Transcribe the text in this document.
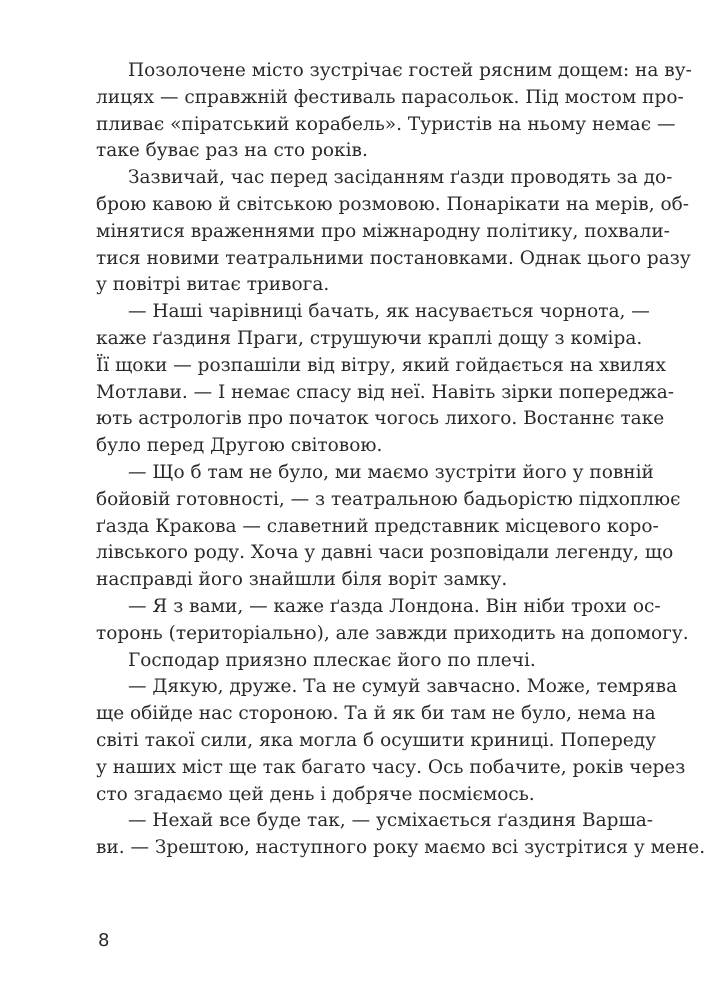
Позолочене місто зустрічає гостей рясним дощем: на ву-
лицях — справжній фестиваль парасольок. Під мостом про-
пливає «піратський корабель». Туристів на ньому немає —
таке буває раз на сто років.
Зазвичай, час перед засіданням ґазди проводять за до-
брою кавою й світською розмовою. Понарікати на мерів, об-
мінятися враженнями про міжнародну політику, похвали-
тися новими театральними постановками. Однак цього разу
у повітрі витає тривога.
— Наші чарівниці бачать, як насувається чорнота, —
каже ґаздиня Праги, струшуючи краплі дощу з коміра.
Її щоки — розпашіли від вітру, який гойдається на хвилях
Мотлави. — І немає спасу від неї. Навіть зірки попереджа-
ють астрологів про початок чогось лихого. Востаннє таке
було перед Другою світовою.
— Що б там не було, ми маємо зустріти його у повній
бойовій готовності, — з театральною бадьорістю підхоплює
ґазда Кракова — славетний представник місцевого коро-
лівського роду. Хоча у давні часи розповідали легенду, що
насправді його знайшли біля воріт замку.
— Я з вами, — каже ґазда Лондона. Він ніби трохи ос-
торонь (територіально), але завжди приходить на допомогу.
Господар приязно плескає його по плечі.
— Дякую, друже. Та не сумуй завчасно. Може, темрява
ще обійде нас стороною. Та й як би там не було, нема на
світі такої сили, яка могла б осушити криниці. Попереду
у наших міст ще так багато часу. Ось побачите, років через
сто згадаємо цей день і добряче посміємось.
— Нехай все буде так, — усміхається ґаздиня Варша-
ви. — Зрештою, наступного року маємо всі зустрітися у мене.
8
